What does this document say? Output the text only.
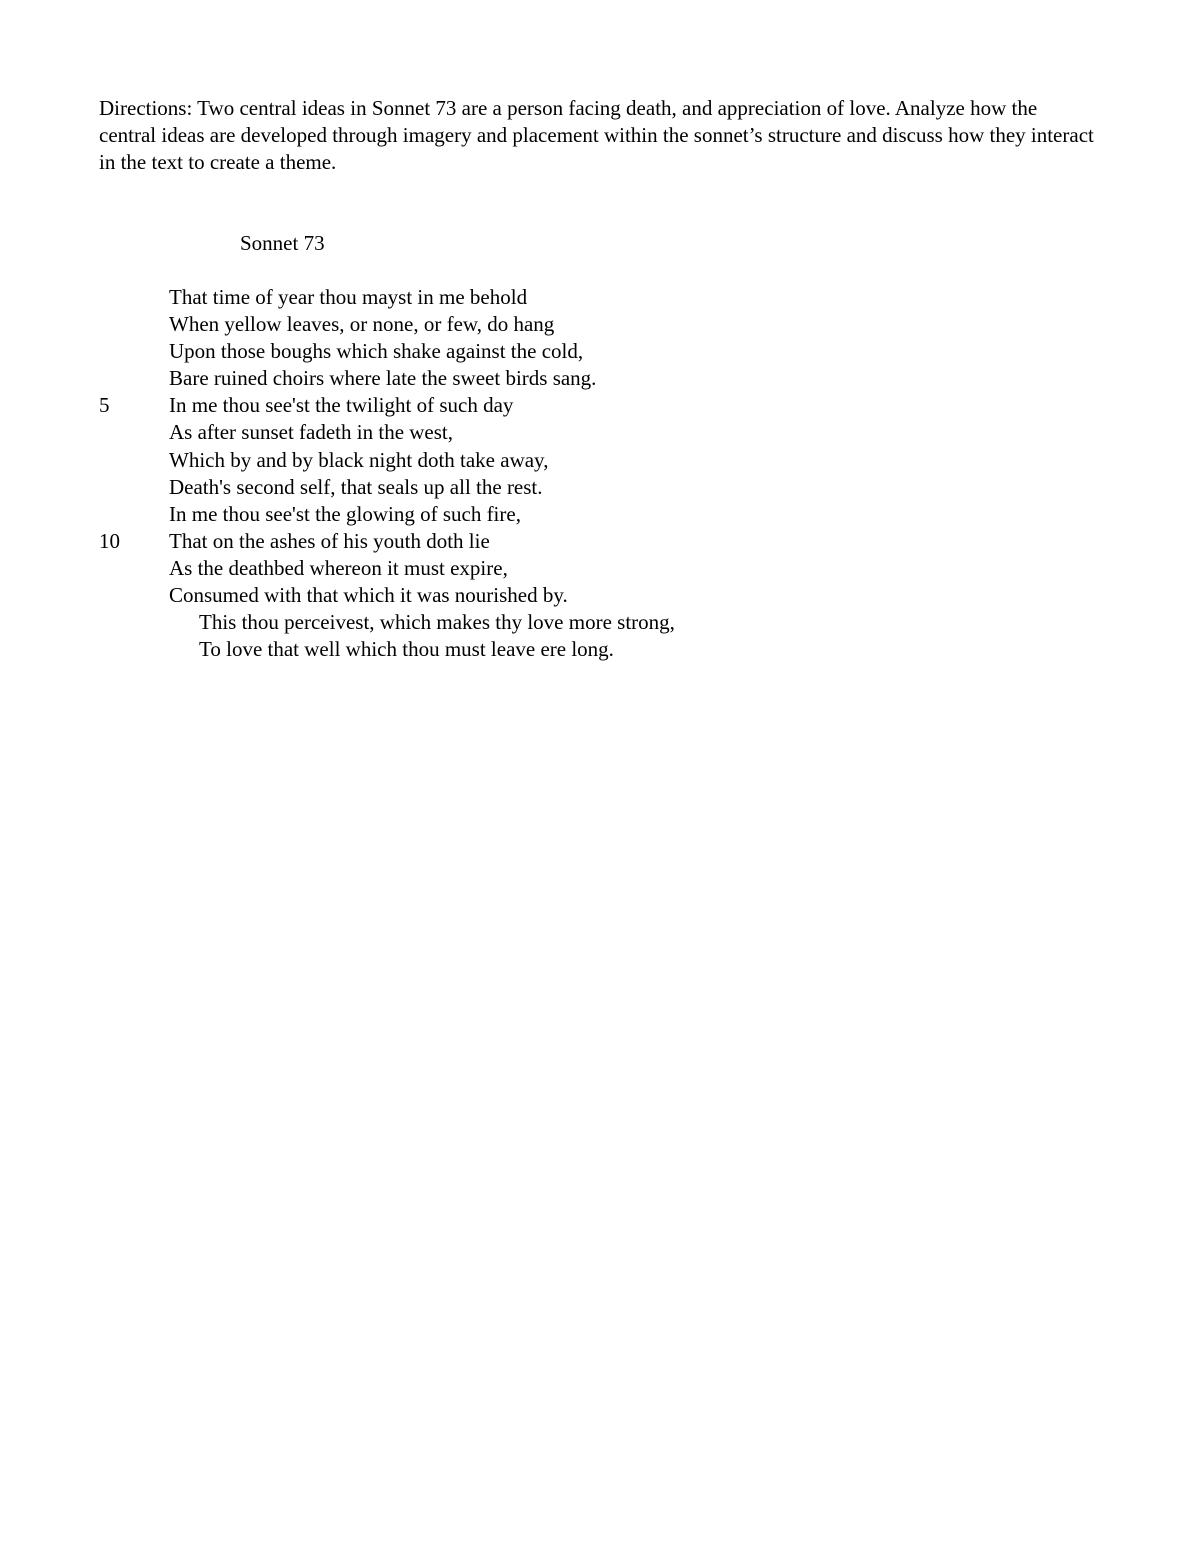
Directions: Two central ideas in Sonnet 73 are a person facing death, and appreciation of love. Analyze how the central ideas are developed through imagery and placement within the sonnet’s structure and discuss how they interact in the text to create a theme.

Sonnet 73

That time of year thou mayst in me behold
When yellow leaves, or none, or few, do hang
Upon those boughs which shake against the cold,
Bare ruined choirs where late the sweet birds sang.
5	In me thou see'st the twilight of such day
As after sunset fadeth in the west,
Which by and by black night doth take away,
Death's second self, that seals up all the rest.
In me thou see'st the glowing of such fire,
10 That on the ashes of his youth doth lie
As the deathbed whereon it must expire,
Consumed with that which it was nourished by.
This thou perceivest, which makes thy love more strong,
To love that well which thou must leave ere long.
